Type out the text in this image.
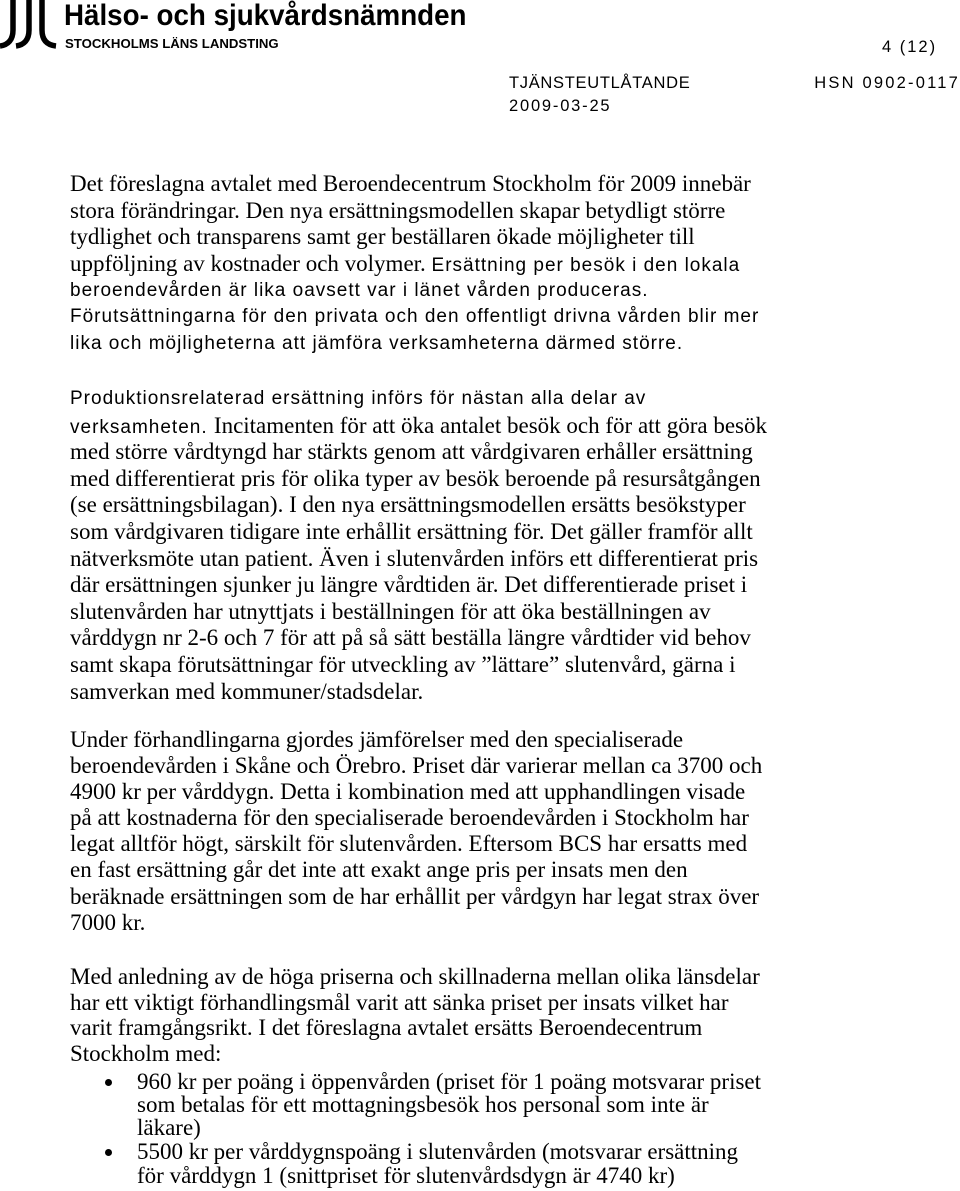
Hälso- och sjukvårdsnämnden
STOCKHOLMS LÄNS LANDSTING	4 (12)
TJÄNSTEUTLÅTANDE	HSN 0902-0117
2009-03-25
Det föreslagna avtalet med Beroendecentrum Stockholm för 2009 innebär
stora förändringar. Den nya ersättningsmodellen skapar betydligt större
tydlighet och transparens samt ger beställaren ökade möjligheter till
uppföljning av kostnader och volymer. Ersättning per besök i den lokala
beroendevården är lika oavsett var i länet vården produceras.
Förutsättningarna för den privata och den offentligt drivna vården blir mer
lika och möjligheterna att jämföra verksamheterna därmed större.
Produktionsrelaterad ersättning införs för nästan alla delar av
verksamheten. Incitamenten för att öka antalet besök och för att göra besök
med större vårdtyngd har stärkts genom att vårdgivaren erhåller ersättning
med differentierat pris för olika typer av besök beroende på resursåtgången
(se ersättningsbilagan). I den nya ersättningsmodellen ersätts besökstyper
som vårdgivaren tidigare inte erhållit ersättning för. Det gäller framför allt
nätverksmöte utan patient. Även i slutenvården införs ett differentierat pris
där ersättningen sjunker ju längre vårdtiden är. Det differentierade priset i
slutenvården har utnyttjats i beställningen för att öka beställningen av
vårddygn nr 2-6 och 7 för att på så sätt beställa längre vårdtider vid behov
samt skapa förutsättningar för utveckling av ”lättare” slutenvård, gärna i
samverkan med kommuner/stadsdelar.
Under förhandlingarna gjordes jämförelser med den specialiserade
beroendevården i Skåne och Örebro. Priset där varierar mellan ca 3700 och
4900 kr per vårddygn. Detta i kombination med att upphandlingen visade
på att kostnaderna för den specialiserade beroendevården i Stockholm har
legat alltför högt, särskilt för slutenvården. Eftersom BCS har ersatts med
en fast ersättning går det inte att exakt ange pris per insats men den
beräknade ersättningen som de har erhållit per vårdgyn har legat strax över
7000 kr.
Med anledning av de höga priserna och skillnaderna mellan olika länsdelar
har ett viktigt förhandlingsmål varit att sänka priset per insats vilket har
varit framgångsrikt. I det föreslagna avtalet ersätts Beroendecentrum
Stockholm med:
960 kr per poäng i öppenvården (priset för 1 poäng motsvarar priset
som betalas för ett mottagningsbesök hos personal som inte är
läkare)
5500 kr per vårddygnspoäng i slutenvården (motsvarar ersättning
för vårddygn 1 (snittpriset för slutenvårdsdygn är 4740 kr)
